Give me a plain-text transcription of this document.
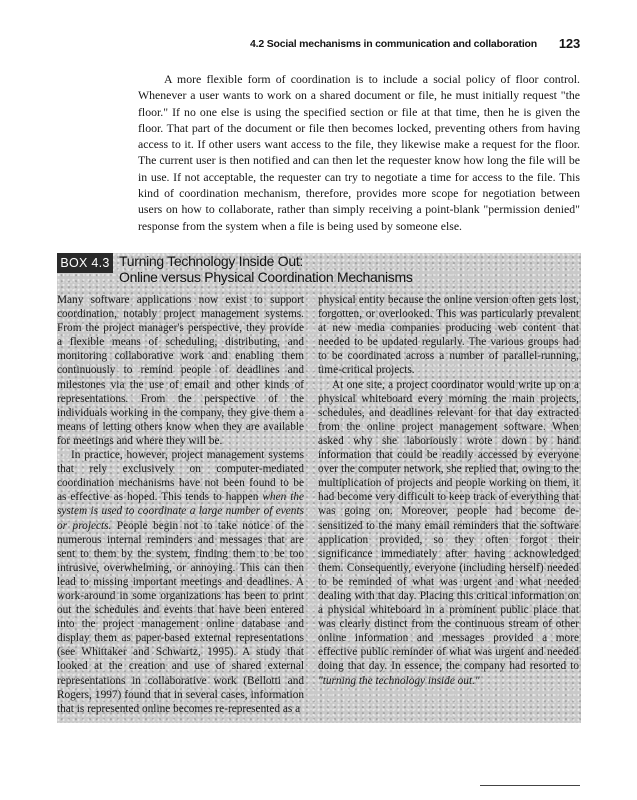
4.2 Social mechanisms in communication and collaboration 123

A more flexible form of coordination is to include a social policy of floor control. Whenever a user wants to work on a shared document or file, he must initially request "the floor." If no one else is using the specified section or file at that time, then he is given the floor. That part of the document or file then becomes locked, preventing others from having access to it. If other users want access to the file, they likewise make a request for the floor. The current user is then notified and can then let the requester know how long the file will be in use. If not acceptable, the requester can try to negotiate a time for access to the file. This kind of coordination mechanism, therefore, provides more scope for negotiation between users on how to collaborate, rather than simply receiving a point-blank "permission denied" response from the system when a file is being used by someone else.

BOX 4.3 Turning Technology Inside Out:
Online versus Physical Coordination Mechanisms

Many software applications now exist to support coordination, notably project management systems. From the project manager's perspective, they provide a flexible means of scheduling, distributing, and monitoring collaborative work and enabling them continuously to remind people of deadlines and milestones via the use of email and other kinds of representations. From the perspective of the individuals working in the company, they give them a means of letting others know when they are available for meetings and where they will be.

In practice, however, project management systems that rely exclusively on computer-mediated coordination mechanisms have not been found to be as effective as hoped. This tends to happen when the system is used to coordinate a large number of events or projects. People begin not to take notice of the numerous internal reminders and messages that are sent to them by the system, finding them to be too intrusive, overwhelming, or annoying. This can then lead to missing important meetings and deadlines. A work-around in some organizations has been to print out the schedules and events that have been entered into the project management online database and display them as paper-based external representations (see Whittaker and Schwartz, 1995). A study that looked at the creation and use of shared external representations in collaborative work (Bellotti and Rogers, 1997) found that in several cases, information that is represented online becomes re-represented as a

physical entity because the online version often gets lost, forgotten, or overlooked. This was particularly prevalent at new media companies producing web content that needed to be updated regularly. The various groups had to be coordinated across a number of parallel-running, time-critical projects.

At one site, a project coordinator would write up on a physical whiteboard every morning the main projects, schedules, and deadlines relevant for that day extracted from the online project management software. When asked why she laboriously wrote down by hand information that could be readily accessed by everyone over the computer network, she replied that, owing to the multiplication of projects and people working on them, it had become very difficult to keep track of everything that was going on. Moreover, people had become de-sensitized to the many email reminders that the software application provided, so they often forgot their significance immediately after having acknowledged them. Consequently, everyone (including herself) needed to be reminded of what was urgent and what needed dealing with that day. Placing this critical information on a physical whiteboard in a prominent public place that was clearly distinct from the continuous stream of other online information and messages provided a more effective public reminder of what was urgent and needed doing that day. In essence, the company had resorted to "turning the technology inside out."
